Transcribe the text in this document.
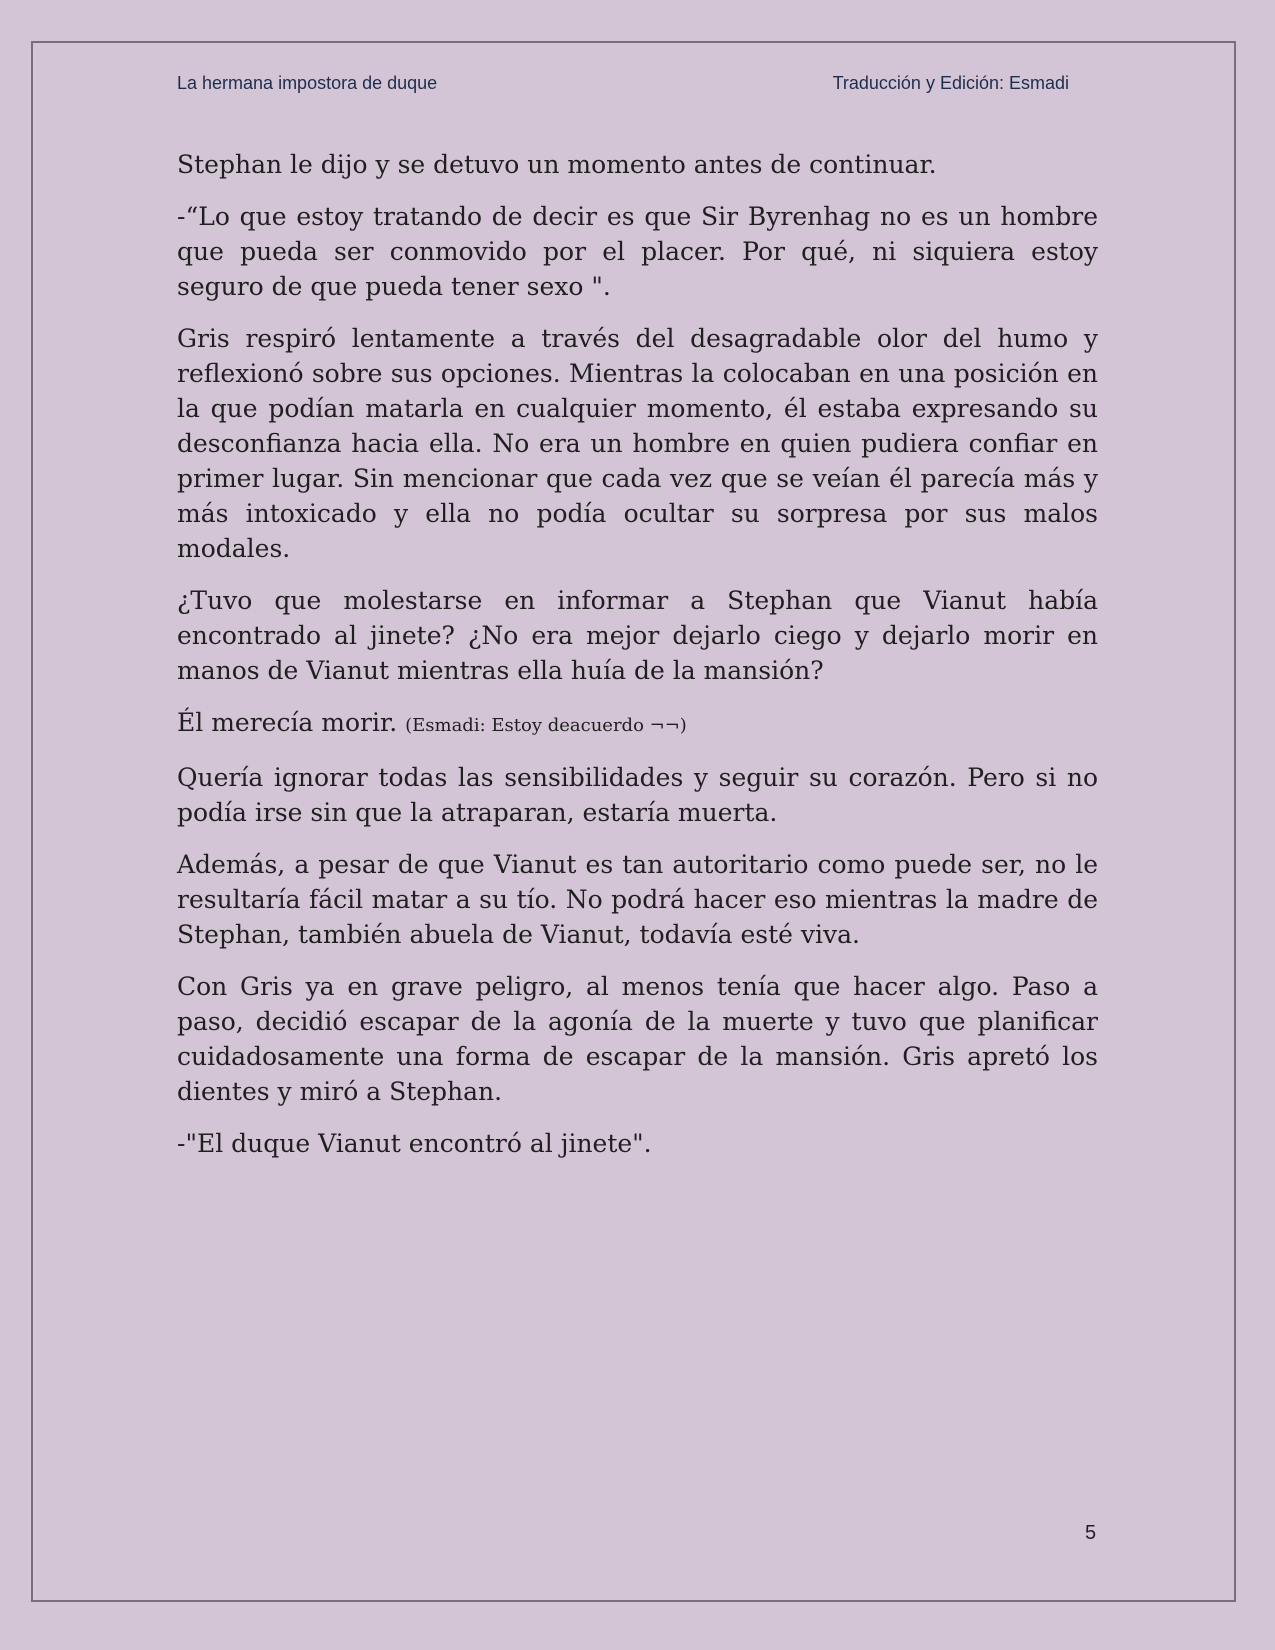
La hermana impostora de duque	Traducción y Edición: Esmadi

Stephan le dijo y se detuvo un momento antes de continuar.

-“Lo que estoy tratando de decir es que Sir Byrenhag no es un hombre que pueda ser conmovido por el placer. Por qué, ni siquiera estoy seguro de que pueda tener sexo ".

Gris respiró lentamente a través del desagradable olor del humo y reflexionó sobre sus opciones. Mientras la colocaban en una posición en la que podían matarla en cualquier momento, él estaba expresando su desconfianza hacia ella. No era un hombre en quien pudiera confiar en primer lugar. Sin mencionar que cada vez que se veían él parecía más y más intoxicado y ella no podía ocultar su sorpresa por sus malos modales.

¿Tuvo que molestarse en informar a Stephan que Vianut había encontrado al jinete? ¿No era mejor dejarlo ciego y dejarlo morir en manos de Vianut mientras ella huía de la mansión?

Él merecía morir. (Esmadi: Estoy deacuerdo ¬¬)

Quería ignorar todas las sensibilidades y seguir su corazón. Pero si no podía irse sin que la atraparan, estaría muerta.

Además, a pesar de que Vianut es tan autoritario como puede ser, no le resultaría fácil matar a su tío. No podrá hacer eso mientras la madre de Stephan, también abuela de Vianut, todavía esté viva.

Con Gris ya en grave peligro, al menos tenía que hacer algo. Paso a paso, decidió escapar de la agonía de la muerte y tuvo que planificar cuidadosamente una forma de escapar de la mansión. Gris apretó los dientes y miró a Stephan.

-"El duque Vianut encontró al jinete".

5
